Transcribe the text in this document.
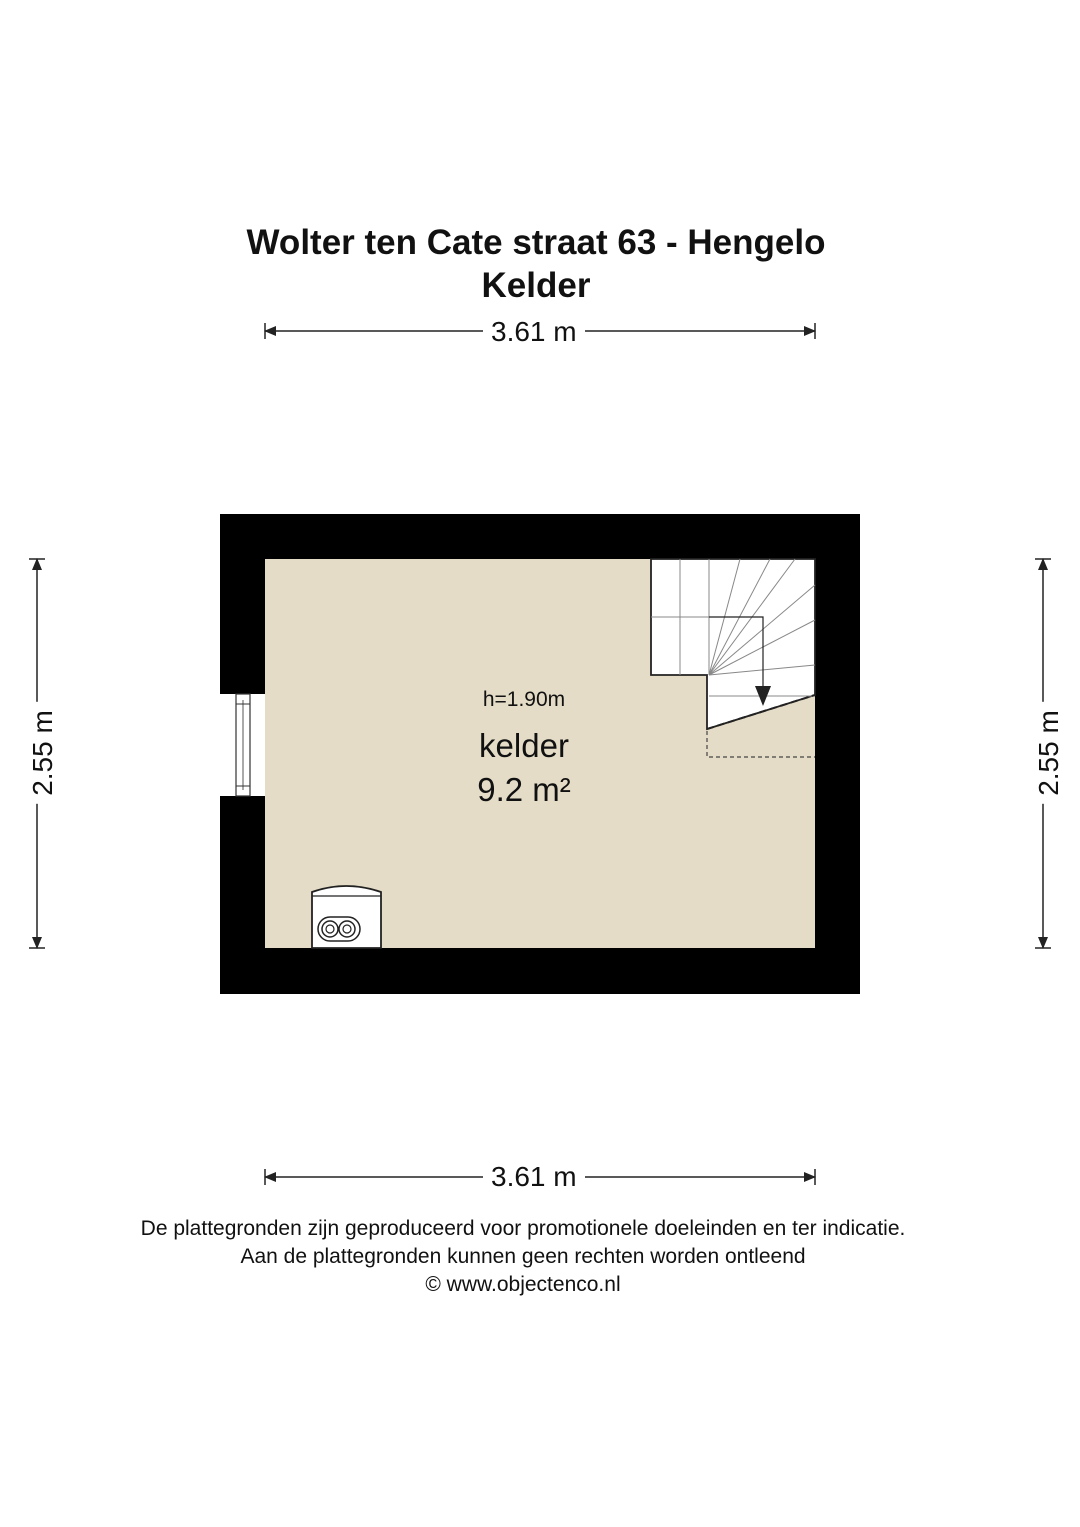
Wolter ten Cate straat 63 - Hengelo
Kelder
3.61 m
3.61 m
2.55 m	2.55 m
h=1.90m
kelder
9.2 m²
De plattegronden zijn geproduceerd voor promotionele doeleinden en ter indicatie.
Aan de plattegronden kunnen geen rechten worden ontleend
© www.objectenco.nl
